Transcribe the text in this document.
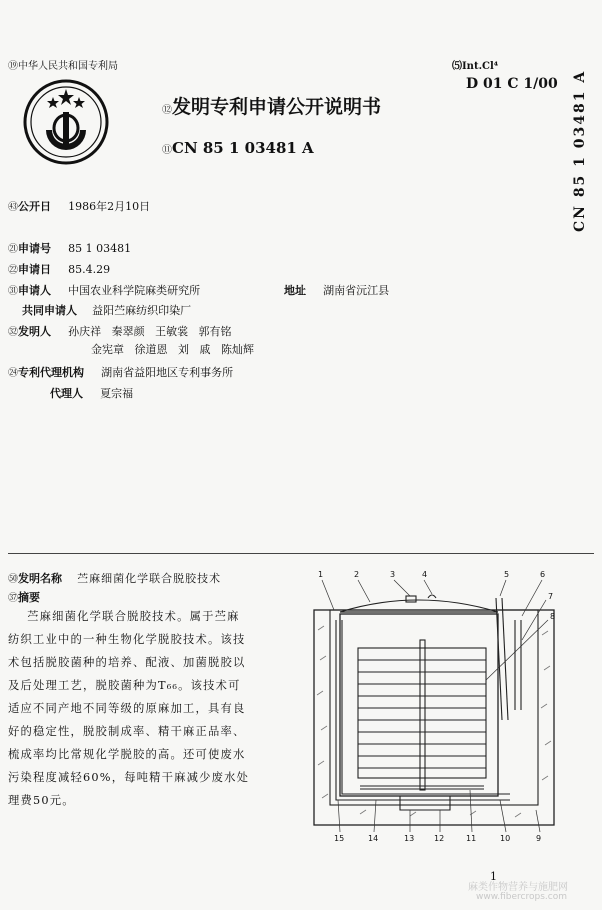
⑲中华人民共和国专利局
⑫发明专利申请公开说明书
⑪CN 85 1 03481 A
⑸Int.Cl⁴
D 01 C 1/00 CN 85 1 03481 A
㊸公开日 1986年2月10日
㉑申请号 85 1 03481
㉒申请日 85.4.29
㉛申请人 中国农业科学院麻类研究所	地址 湖南省沅江县
共同申请人 益阳苎麻纺织印染厂
㉜发明人 孙庆祥   秦翠颜   王敏裳   郭有铭
金宪章   徐道恩   刘   戚   陈灿辉
㉔专利代理机构 湖南省益阳地区专利事务所
代理人 夏宗福
㊿发明名称 苎麻细菌化学联合脱胶技术
㊲摘要
苎麻细菌化学联合脱胶技术。属于苎麻
纺织工业中的一种生物化学脱胶技术。该技
术包括脱胶菌种的培养、配液、加菌脱胶以
及后处理工艺，脱胶菌种为T₆₆。该技术可
适应不同产地不同等级的原麻加工，具有良
好的稳定性，脱胶制成率、精干麻正品率、
梳成率均比常规化学脱胶的高。还可使废水
污染程度减轻60%，每吨精干麻减少废水处
理费50元。
1	2	3	4	5	6
7
8
15	14	13 12	11	10	9
1
麻类作物营养与施肥网
www.fibercrops.com
